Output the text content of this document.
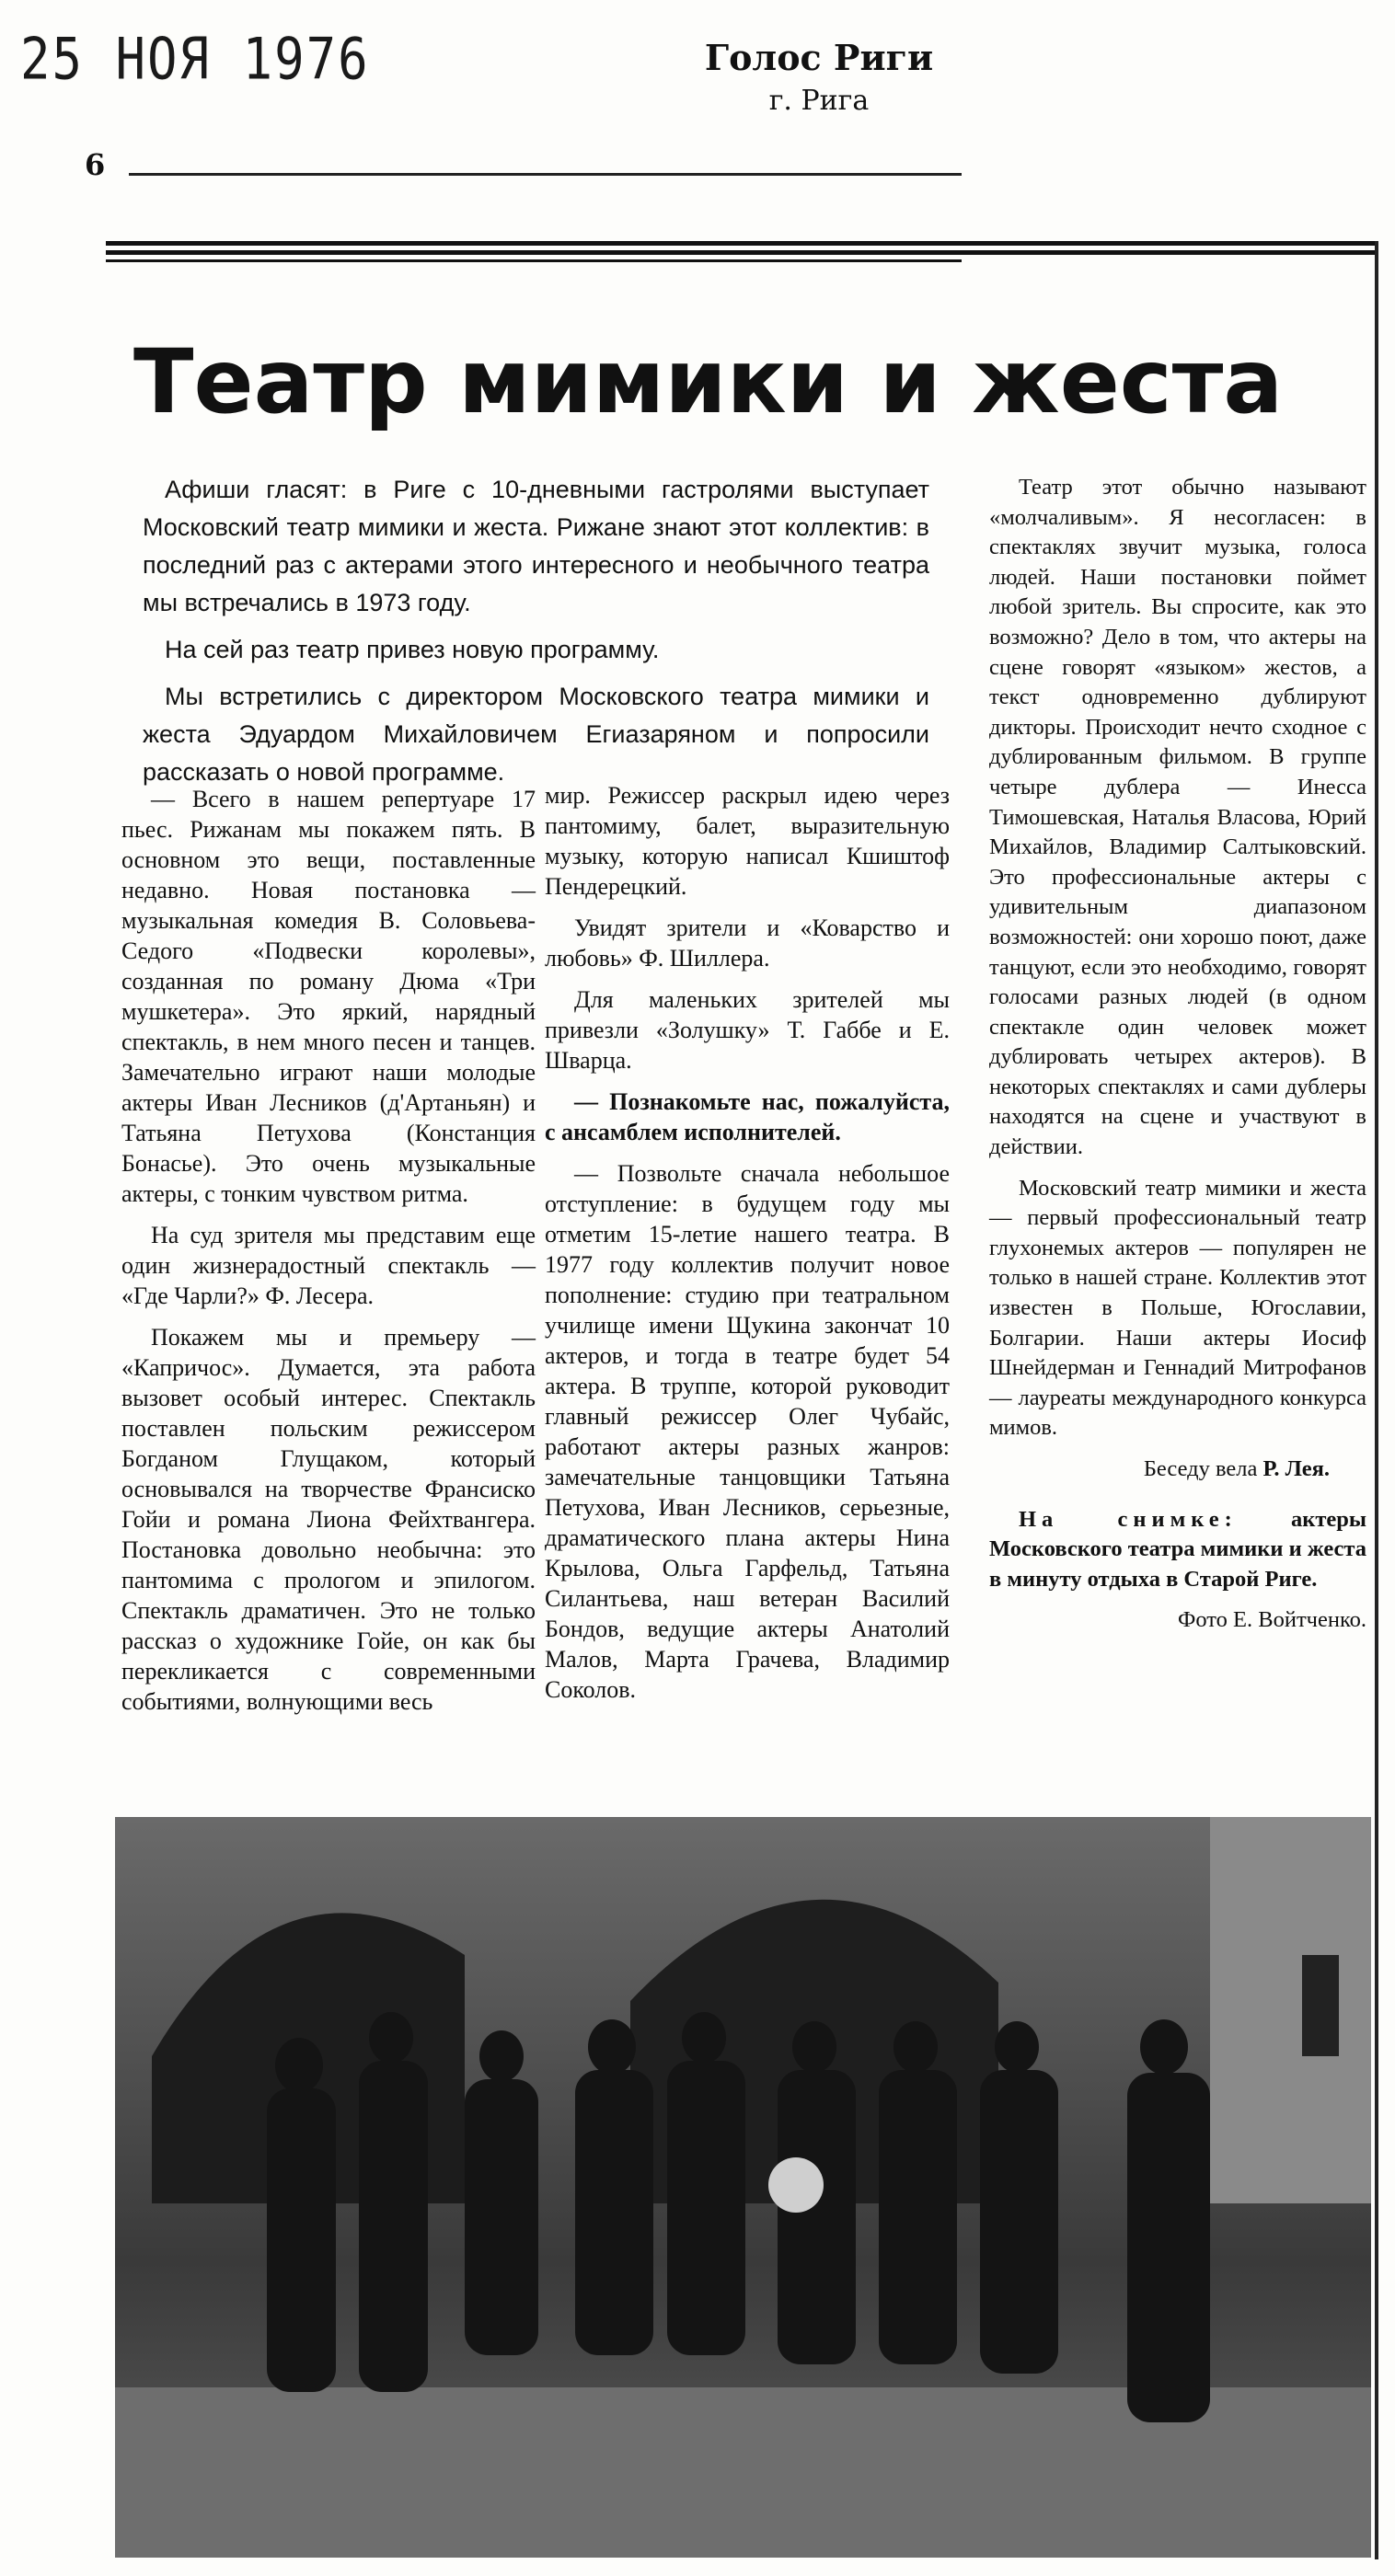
25 НОЯ 1976	Голос Риги
г. Рига
6
Театр мимики и жеста

Афиши гласят: в Риге с 10-дневными гастролями выступает Московский театр мимики и жеста. Рижане знают этот коллектив: в последний раз с актерами этого интересного и необычного театра мы встречались в 1973 году.

На сей раз театр привез новую программу.

Мы встретились с директором Московского театра мимики и жеста Эдуардом Михайловичем Егиазаряном и попросили рассказать о новой программе.

— Всего в нашем репертуаре 17 пьес. Рижанам мы покажем пять. В основном это вещи, поставленные недавно. Новая постановка — музыкальная комедия В. Соловьева-Седого «Подвески королевы», созданная по роману Дюма «Три мушкетера». Это яркий, нарядный спектакль, в нем много песен и танцев. Замечательно играют наши молодые актеры Иван Лесников (д'Артаньян) и Татьяна Петухова (Констанция Бонасье). Это очень музыкальные актеры, с тонким чувством ритма.

На суд зрителя мы представим еще один жизнерадостный спектакль — «Где Чарли?» Ф. Лесера.

Покажем мы и премьеру — «Капричос». Думается, эта работа вызовет особый интерес. Спектакль поставлен польским режиссером Богданом Глущаком, который основывался на творчестве Франсиско Гойи и романа Лиона Фейхтвангера. Постановка довольно необычна: это пантомима с прологом и эпилогом. Спектакль драматичен. Это не только рассказ о художнике Гойе, он как бы перекликается с современными событиями, волнующими весь

мир. Режиссер раскрыл идею через пантомиму, балет, выразительную музыку, которую написал Кшиштоф Пендерецкий.

Увидят зрители и «Коварство и любовь» Ф. Шиллера.

Для маленьких зрителей мы привезли «Золушку» Т. Габбе и Е. Шварца.

— Познакомьте нас, пожалуйста, с ансамблем исполнителей.

— Позвольте сначала небольшое отступление: в будущем году мы отметим 15-летие нашего театра. В 1977 году коллектив получит новое пополнение: студию при театральном училище имени Щукина закончат 10 актеров, и тогда в театре будет 54 актера. В труппе, которой руководит главный режиссер Олег Чубайс, работают актеры разных жанров: замечательные танцовщики Татьяна Петухова, Иван Лесников, серьезные, драматического плана актеры Нина Крылова, Ольга Гарфельд, Татьяна Силантьева, наш ветеран Василий Бондов, ведущие актеры Анатолий Малов, Марта Грачева, Владимир Соколов.

Театр этот обычно называют «молчаливым». Я несогласен: в спектаклях звучит музыка, голоса людей. Наши постановки поймет любой зритель. Вы спросите, как это возможно? Дело в том, что актеры на сцене говорят «языком» жестов, а текст одновременно дублируют дикторы. Происходит нечто сходное с дублированным фильмом. В группе четыре дублера — Инесса Тимошевская, Наталья Власова, Юрий Михайлов, Владимир Салтыковский. Это профессиональные актеры с удивительным диапазоном возможностей: они хорошо поют, даже танцуют, если это необходимо, говорят голосами разных людей (в одном спектакле один человек может дублировать четырех актеров). В некоторых спектаклях и сами дублеры находятся на сцене и участвуют в действии.

Московский театр мимики и жеста — первый профессиональный театр глухонемых актеров — популярен не только в нашей стране. Коллектив этот известен в Польше, Югославии, Болгарии. Наши актеры Иосиф Шнейдерман и Геннадий Митрофанов — лауреаты международного конкурса мимов.

Беседу вела Р. Лея.

На снимке: актеры Московского театра мимики и жеста в минуту отдыха в Старой Риге.

Фото Е. Войтченко.
